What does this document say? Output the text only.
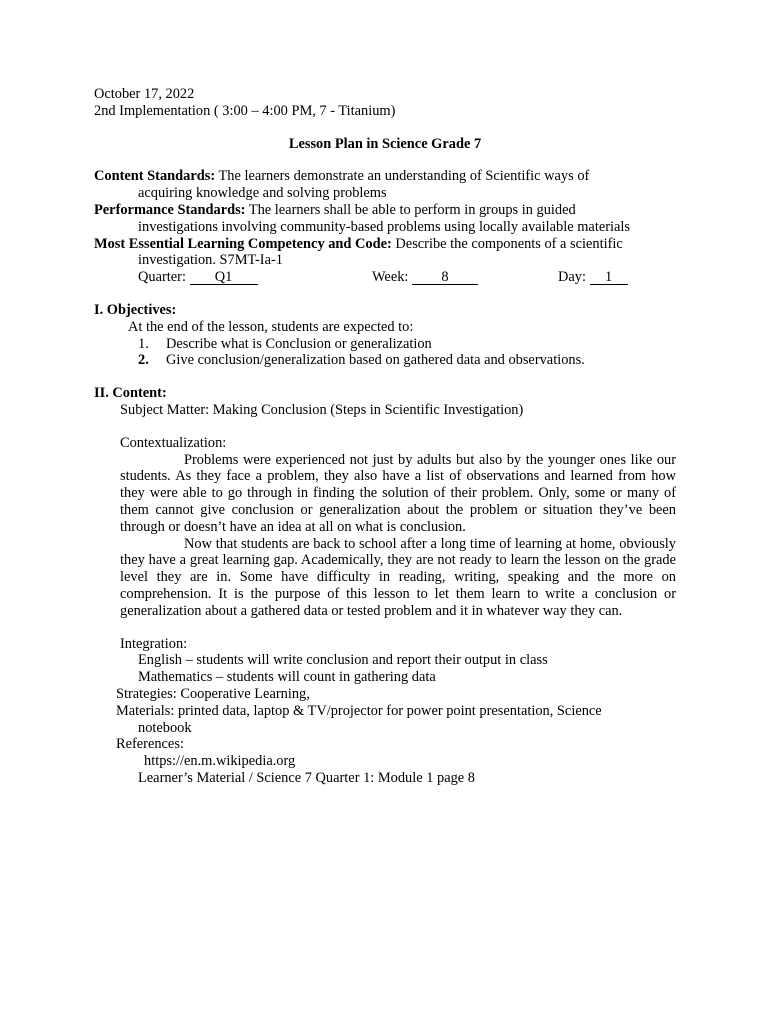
October 17, 2022
2nd Implementation ( 3:00 – 4:00 PM, 7 - Titanium)
Lesson Plan in Science Grade 7
Content Standards: The learners demonstrate an understanding of Scientific ways of
acquiring knowledge and solving problems
Performance Standards: The learners shall be able to perform in groups in guided
investigations involving community-based problems using locally available materials
Most Essential Learning Competency and Code: Describe the components of a scientific
investigation. S7MT-Ia-1
Quarter: Q1	Week: 8	Day: 1
I. Objectives:
At the end of the lesson, students are expected to:
1.	Describe what is Conclusion or generalization
2.	Give conclusion/generalization based on gathered data and observations.
II. Content:
Subject Matter: Making Conclusion (Steps in Scientific Investigation)
Contextualization:

Problems were experienced not just by adults but also by the younger ones like our students. As they face a problem, they also have a list of observations and learned from how they were able to go through in finding the solution of their problem. Only, some or many of them cannot give conclusion or generalization about the problem or situation they’ve been through or doesn’t have an idea at all on what is conclusion.

Now that students are back to school after a long time of learning at home, obviously they have a great learning gap. Academically, they are not ready to learn the lesson on the grade level they are in. Some have difficulty in reading, writing, speaking and the more on comprehension. It is the purpose of this lesson to let them learn to write a conclusion or generalization about a gathered data or tested problem and it in whatever way they can.

Integration:
English – students will write conclusion and report their output in class
Mathematics – students will count in gathering data
Strategies: Cooperative Learning,
Materials: printed data, laptop & TV/projector for power point presentation, Science
notebook
References:
https://en.m.wikipedia.org
Learner’s Material / Science 7 Quarter 1: Module 1 page 8
